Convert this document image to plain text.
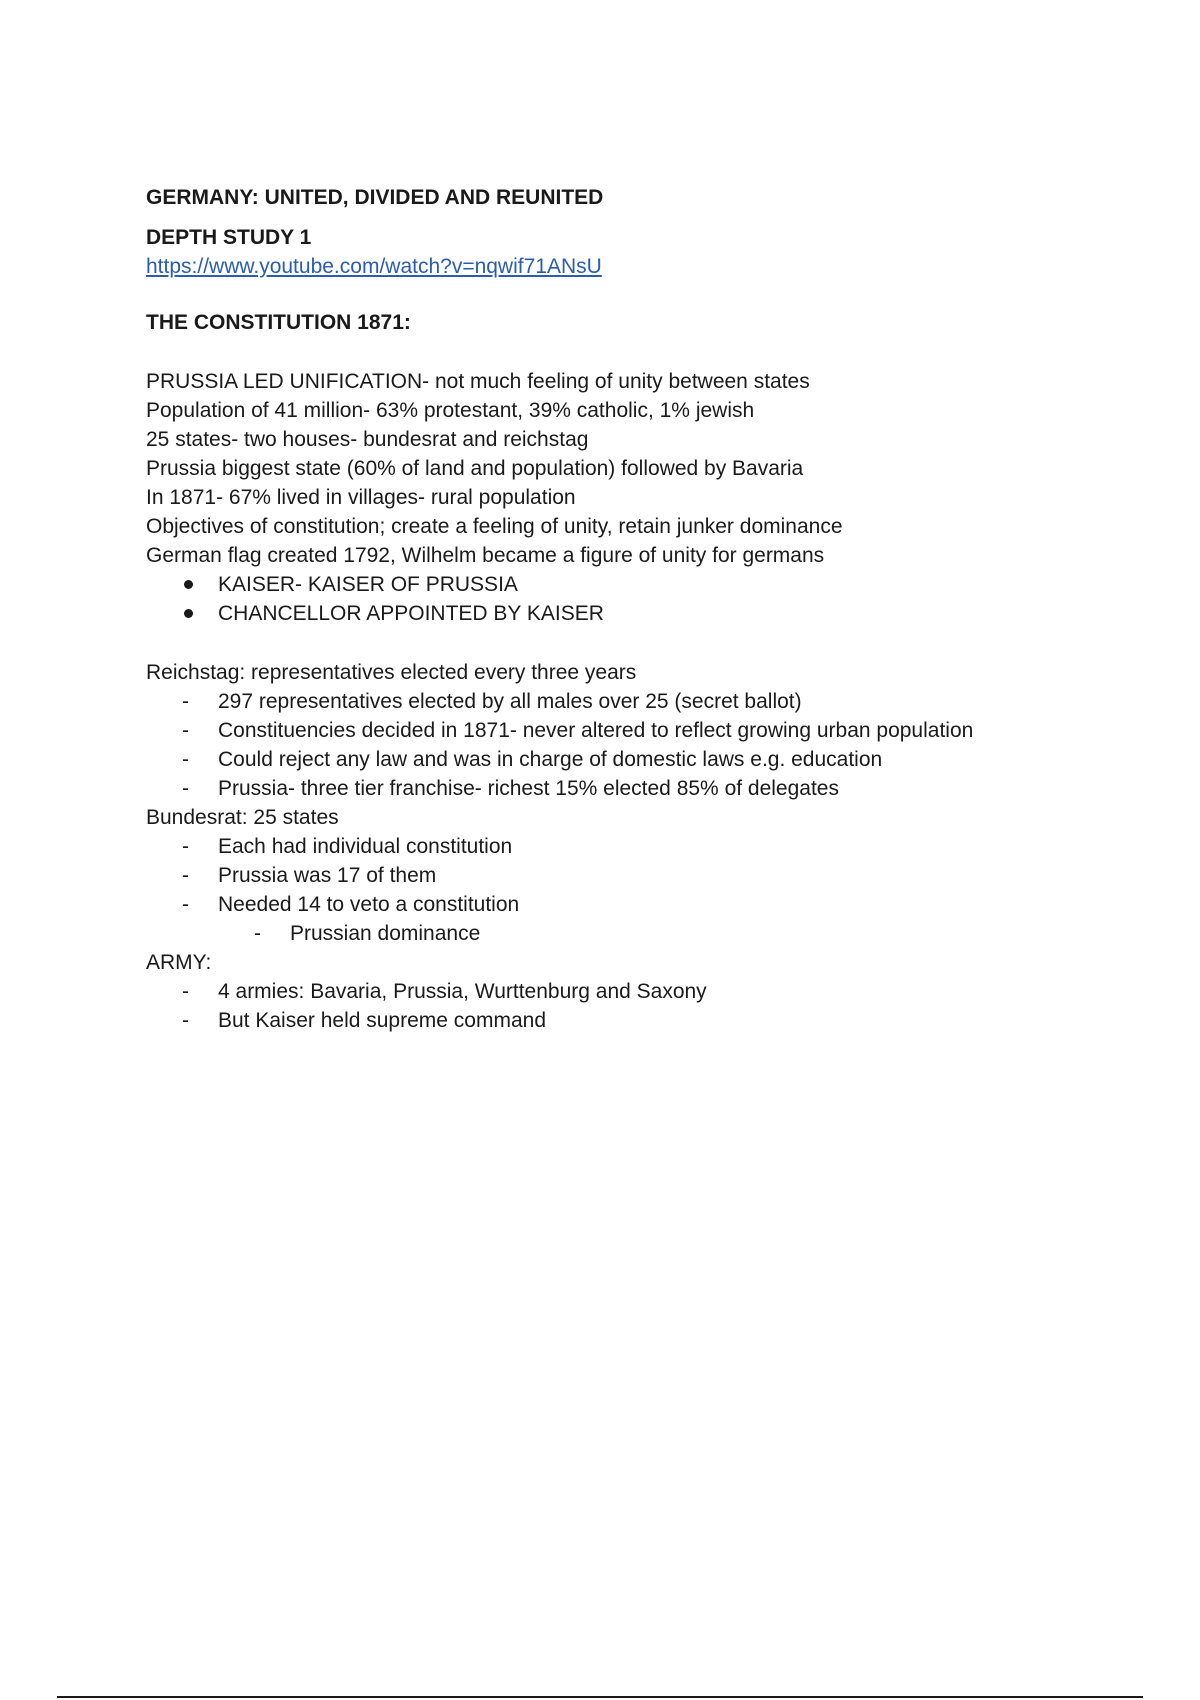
GERMANY: UNITED, DIVIDED AND REUNITED
DEPTH STUDY 1
https://www.youtube.com/watch?v=nqwif71ANsU
THE CONSTITUTION 1871:
PRUSSIA LED UNIFICATION- not much feeling of unity between states
Population of 41 million- 63% protestant, 39% catholic, 1% jewish
25 states- two houses- bundesrat and reichstag
Prussia biggest state (60% of land and population) followed by Bavaria
In 1871- 67% lived in villages- rural population
Objectives of constitution; create a feeling of unity, retain junker dominance
German flag created 1792, Wilhelm became a figure of unity for germans
KAISER- KAISER OF PRUSSIA
CHANCELLOR APPOINTED BY KAISER
Reichstag: representatives elected every three years
- 297 representatives elected by all males over 25 (secret ballot)
- Constituencies decided in 1871- never altered to reflect growing urban population
- Could reject any law and was in charge of domestic laws e.g. education
- Prussia- three tier franchise- richest 15% elected 85% of delegates
Bundesrat: 25 states
- Each had individual constitution
- Prussia was 17 of them
- Needed 14 to veto a constitution
- Prussian dominance
ARMY:
- 4 armies: Bavaria, Prussia, Wurttenburg and Saxony
- But Kaiser held supreme command
